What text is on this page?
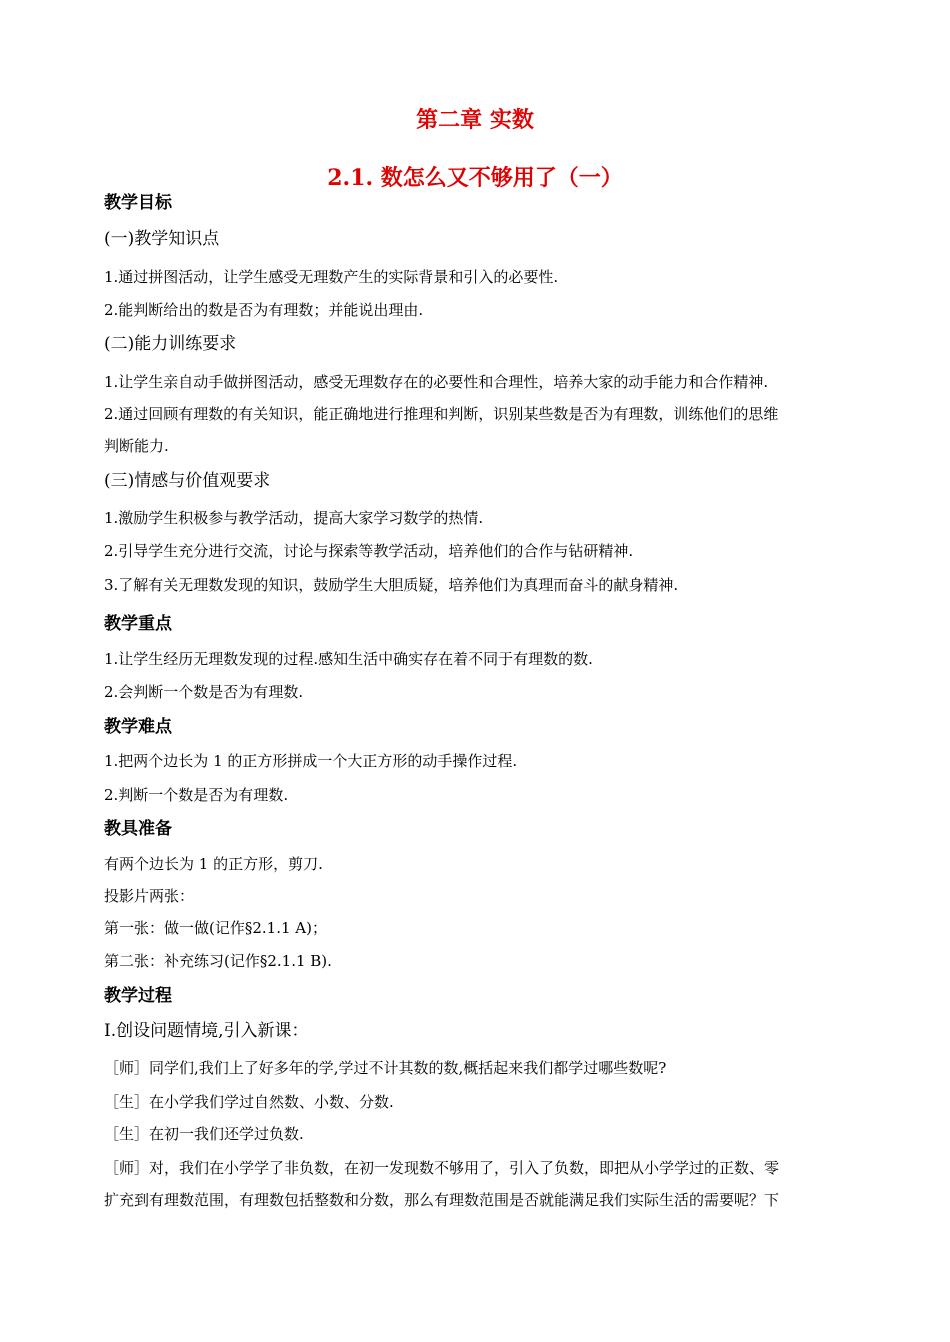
第二章 实数
2.1. 数怎么又不够用了（一）
教学目标
(一)教学知识点
1.通过拼图活动，让学生感受无理数产生的实际背景和引入的必要性.
2.能判断给出的数是否为有理数；并能说出理由.
(二)能力训练要求
1.让学生亲自动手做拼图活动，感受无理数存在的必要性和合理性，培养大家的动手能力和合作精神.
2.通过回顾有理数的有关知识，能正确地进行推理和判断，识别某些数是否为有理数，训练他们的思维
判断能力.
(三)情感与价值观要求
1.激励学生积极参与教学活动，提高大家学习数学的热情.
2.引导学生充分进行交流，讨论与探索等教学活动，培养他们的合作与钻研精神.
3.了解有关无理数发现的知识，鼓励学生大胆质疑，培养他们为真理而奋斗的献身精神.
教学重点
1.让学生经历无理数发现的过程.感知生活中确实存在着不同于有理数的数.
2.会判断一个数是否为有理数.
教学难点
1.把两个边长为 1 的正方形拼成一个大正方形的动手操作过程.
2.判断一个数是否为有理数.
教具准备
有两个边长为 1 的正方形，剪刀.
投影片两张：
第一张：做一做(记作§2.1.1 A)；
第二张：补充练习(记作§2.1.1 B).
教学过程
Ⅰ.创设问题情境,引入新课：
［师］同学们,我们上了好多年的学,学过不计其数的数,概括起来我们都学过哪些数呢?
［生］在小学我们学过自然数、小数、分数.
［生］在初一我们还学过负数.
［师］对，我们在小学学了非负数，在初一发现数不够用了，引入了负数，即把从小学学过的正数、零
扩充到有理数范围，有理数包括整数和分数，那么有理数范围是否就能满足我们实际生活的需要呢？下
